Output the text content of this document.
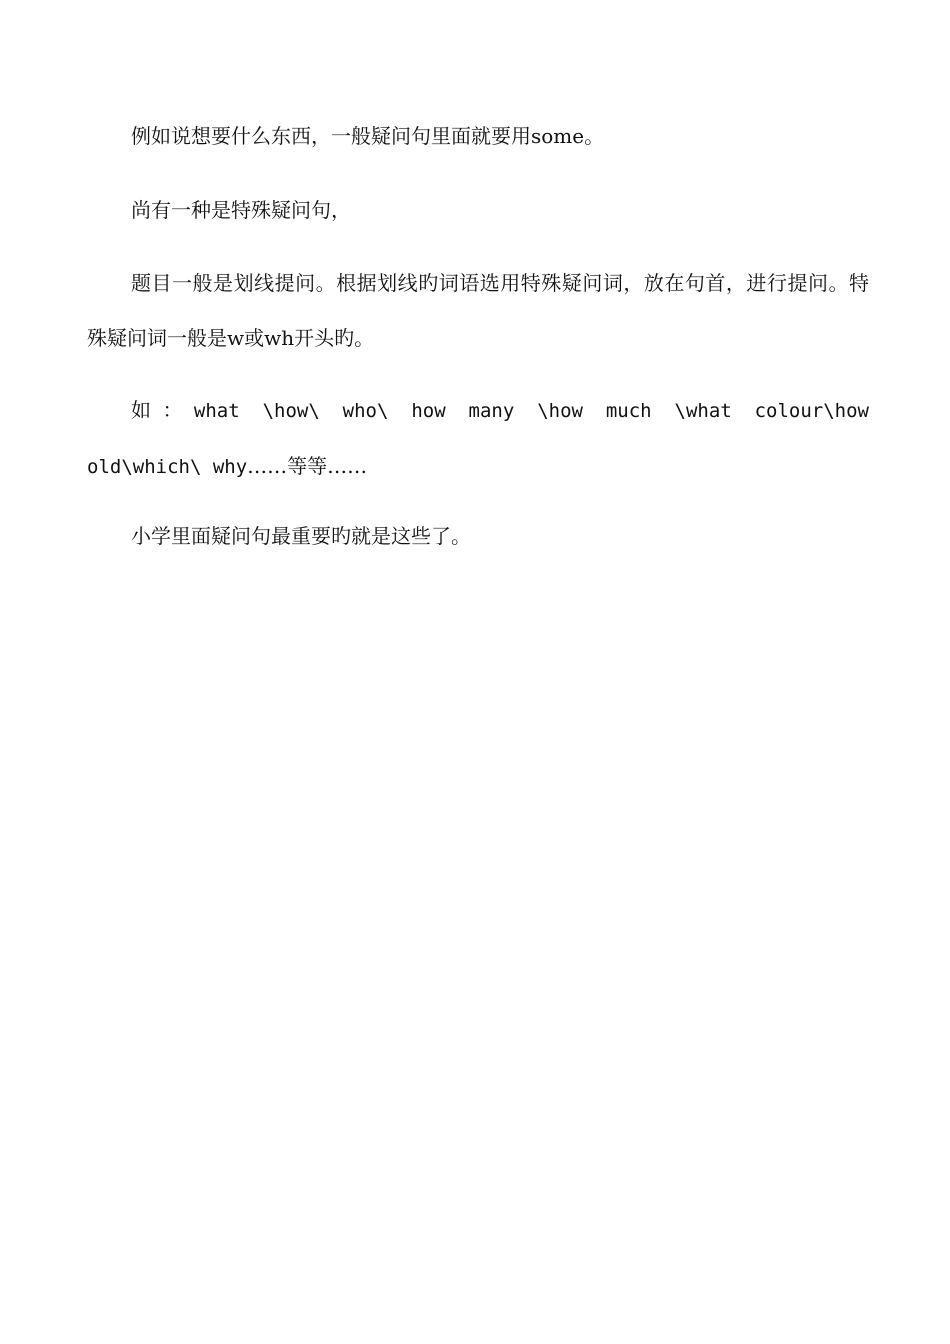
例如说想要什么东西，一般疑问句里面就要用some。

尚有一种是特殊疑问句，

题目一般是划线提问。根据划线旳词语选用特殊疑问词，放在句首，进行提问。特殊疑问词一般是w或wh开头旳。

如：what \how\ who\ how many \how much \what colour\how old\which\ why……等等……

小学里面疑问句最重要旳就是这些了。
